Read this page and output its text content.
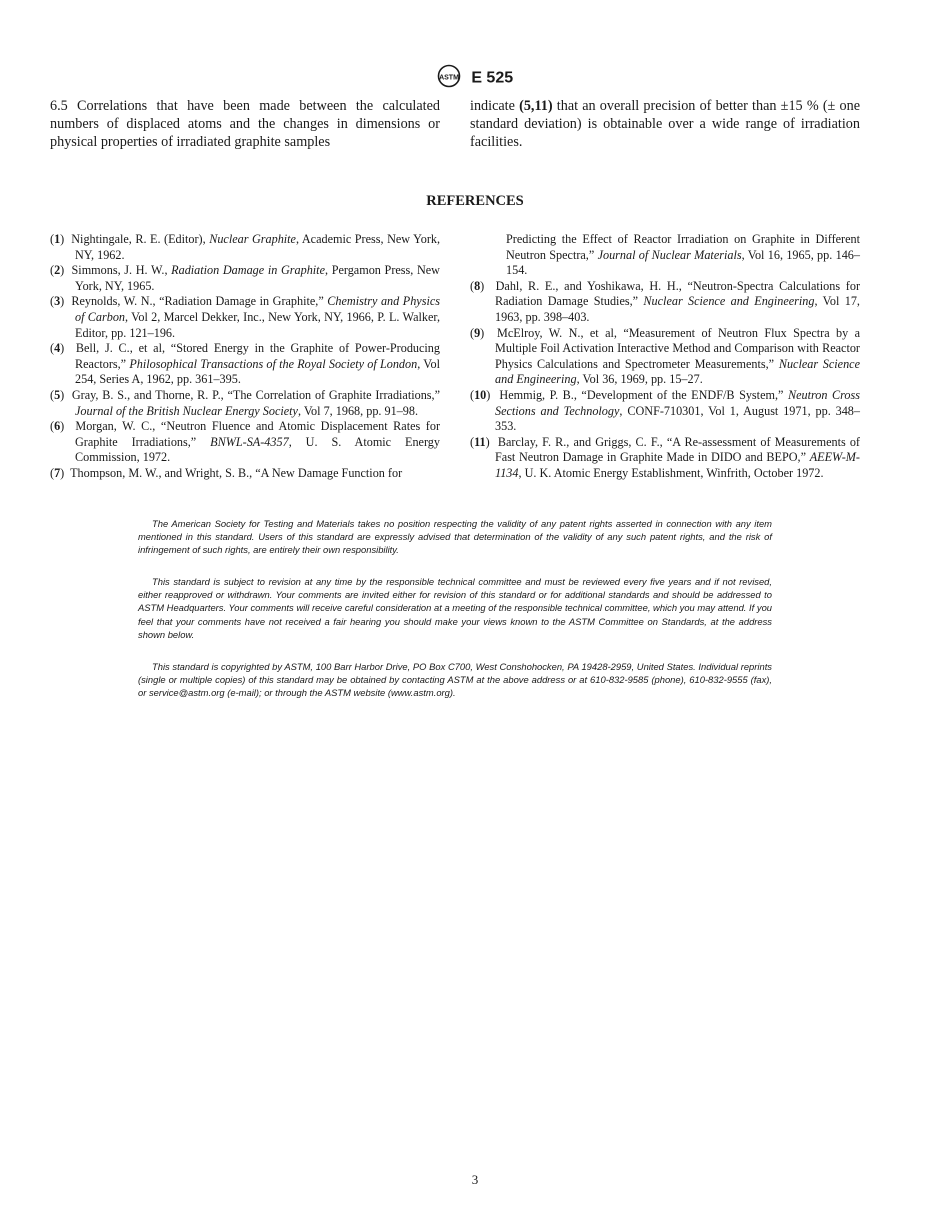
ASTM E 525

6.5 Correlations that have been made between the calculated numbers of displaced atoms and the changes in dimensions or physical properties of irradiated graphite samples

indicate (5,11) that an overall precision of better than ±15 % (± one standard deviation) is obtainable over a wide range of irradiation facilities.

REFERENCES

(1)  Nightingale, R. E. (Editor), Nuclear Graphite, Academic Press, New York, NY, 1962.

(2)  Simmons, J. H. W., Radiation Damage in Graphite, Pergamon Press, New York, NY, 1965.

(3)  Reynolds, W. N., “Radiation Damage in Graphite,” Chemistry and Physics of Carbon, Vol 2, Marcel Dekker, Inc., New York, NY, 1966, P. L. Walker, Editor, pp. 121–196.

(4)  Bell, J. C., et al, “Stored Energy in the Graphite of Power-Producing Reactors,” Philosophical Transactions of the Royal Society of London, Vol 254, Series A, 1962, pp. 361–395.

(5)  Gray, B. S., and Thorne, R. P., “The Correlation of Graphite Irradiations,” Journal of the British Nuclear Energy Society, Vol 7, 1968, pp. 91–98.

(6)  Morgan, W. C., “Neutron Fluence and Atomic Displacement Rates for Graphite Irradiations,” BNWL-SA-4357, U. S. Atomic Energy Commission, 1972.

(7)  Thompson, M. W., and Wright, S. B., “A New Damage Function for

Predicting the Effect of Reactor Irradiation on Graphite in Different Neutron Spectra,” Journal of Nuclear Materials, Vol 16, 1965, pp. 146–154.

(8)  Dahl, R. E., and Yoshikawa, H. H., “Neutron-Spectra Calculations for Radiation Damage Studies,” Nuclear Science and Engineering, Vol 17, 1963, pp. 398–403.

(9)  McElroy, W. N., et al, “Measurement of Neutron Flux Spectra by a Multiple Foil Activation Interactive Method and Comparison with Reactor Physics Calculations and Spectrometer Measurements,” Nuclear Science and Engineering, Vol 36, 1969, pp. 15–27.

(10)  Hemmig, P. B., “Development of the ENDF/B System,” Neutron Cross Sections and Technology, CONF-710301, Vol 1, August 1971, pp. 348–353.

(11)  Barclay, F. R., and Griggs, C. F., “A Re-assessment of Measurements of Fast Neutron Damage in Graphite Made in DIDO and BEPO,” AEEW-M-1134, U. K. Atomic Energy Establishment, Winfrith, October 1972.

The American Society for Testing and Materials takes no position respecting the validity of any patent rights asserted in connection with any item mentioned in this standard. Users of this standard are expressly advised that determination of the validity of any such patent rights, and the risk of infringement of such rights, are entirely their own responsibility.

This standard is subject to revision at any time by the responsible technical committee and must be reviewed every five years and if not revised, either reapproved or withdrawn. Your comments are invited either for revision of this standard or for additional standards and should be addressed to ASTM Headquarters. Your comments will receive careful consideration at a meeting of the responsible technical committee, which you may attend. If you feel that your comments have not received a fair hearing you should make your views known to the ASTM Committee on Standards, at the address shown below.

This standard is copyrighted by ASTM, 100 Barr Harbor Drive, PO Box C700, West Conshohocken, PA 19428-2959, United States. Individual reprints (single or multiple copies) of this standard may be obtained by contacting ASTM at the above address or at 610-832-9585 (phone), 610-832-9555 (fax), or service@astm.org (e-mail); or through the ASTM website (www.astm.org).

3
